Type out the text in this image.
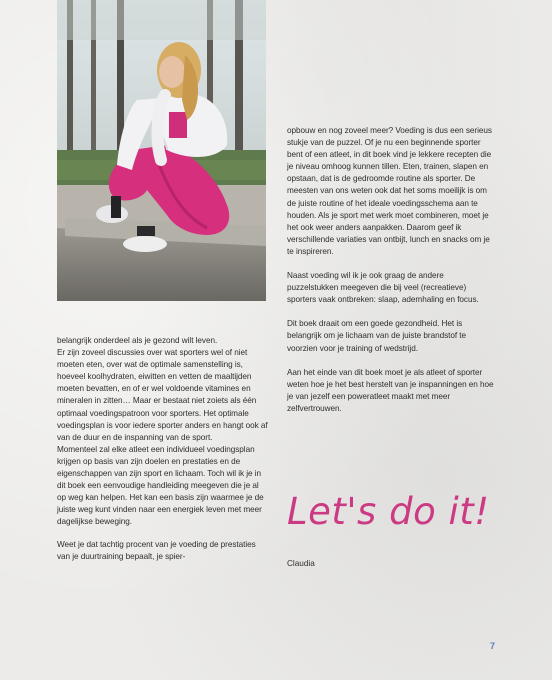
belangrijk onderdeel als je gezond wilt leven.

Er zijn zoveel discussies over wat sporters wel of niet moeten eten, over wat de optimale samenstelling is, hoeveel koolhydraten, eiwitten en vetten de maaltijden moeten bevatten, en of er wel voldoende vitamines en mineralen in zitten… Maar er bestaat niet zoiets als één optimaal voedingspatroon voor sporters. Het optimale voedingsplan is voor iedere sporter anders en hangt ook af van de duur en de inspanning van de sport.

Momenteel zal elke atleet een individueel voedingsplan krijgen op basis van zijn doelen en prestaties en de eigenschappen van zijn sport en lichaam. Toch wil ik je in dit boek een eenvoudige handleiding meegeven die je al op weg kan helpen. Het kan een basis zijn waarmee je de juiste weg kunt vinden naar een energiek leven met meer dagelijkse beweging.

Weet je dat tachtig procent van je voeding de prestaties van je duurtraining bepaalt, je spier-

opbouw en nog zoveel meer? Voeding is dus een serieus stukje van de puzzel. Of je nu een beginnende sporter bent of een atleet, in dit boek vind je lekkere recepten die je niveau omhoog kunnen tillen. Eten, trainen, slapen en opstaan, dat is de gedroomde routine als sporter. De meesten van ons weten ook dat het soms moeilijk is om de juiste routine of het ideale voedingsschema aan te houden. Als je sport met werk moet combineren, moet je het ook weer anders aanpakken. Daarom geef ik verschillende variaties van ontbijt, lunch en snacks om je te inspireren.

Naast voeding wil ik je ook graag de andere puzzelstukken meegeven die bij veel (recreatieve) sporters vaak ontbreken: slaap, ademhaling en focus.

Dit boek draait om een goede gezondheid. Het is belangrijk om je lichaam van de juiste brandstof te voorzien voor je training of wedstrijd.

Aan het einde van dit boek moet je als atleet of sporter weten hoe je het best herstelt van je inspanningen en hoe je van jezelf een poweratleet maakt met meer zelfvertrouwen.

Let's do it!
Claudia
7
